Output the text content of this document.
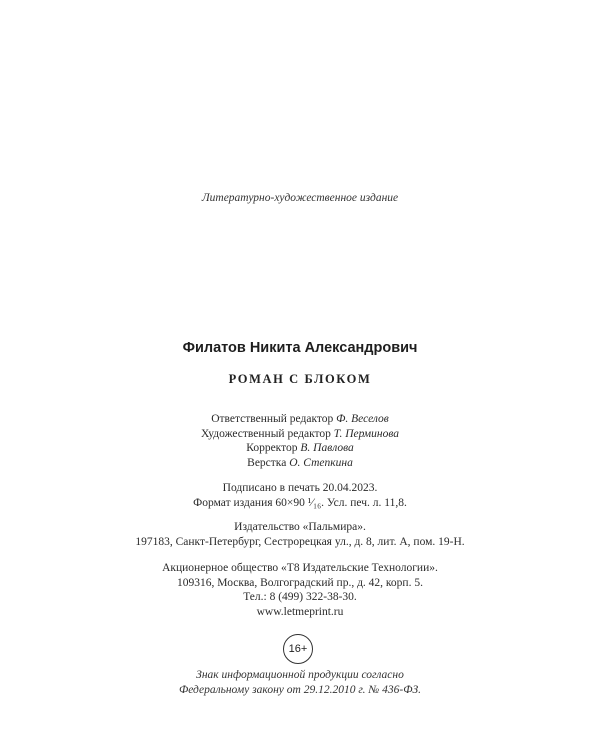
Литературно-художественное издание
Филатов Никита Александрович
РОМАН С БЛОКОМ
Ответственный редактор Ф. Веселов
Художественный редактор Т. Перминова
Корректор В. Павлова
Верстка О. Степкина
Подписано в печать 20.04.2023.
Формат издания 60×90 ¹⁄₁₆. Усл. печ. л. 11,8.
Издательство «Пальмира».
197183, Санкт-Петербург, Сестрорецкая ул., д. 8, лит. А, пом. 19-Н.
Акционерное общество «Т8 Издательские Технологии».
109316, Москва, Волгоградский пр., д. 42, корп. 5.
Тел.: 8 (499) 322-38-30.
www.letmeprint.ru
16+
Знак информационной продукции согласно
Федеральному закону от 29.12.2010 г. № 436-ФЗ.
